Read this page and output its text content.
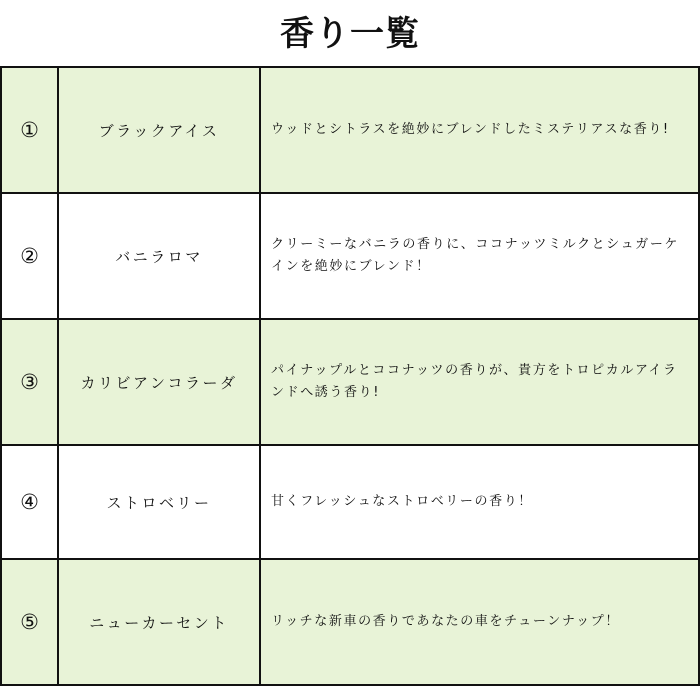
香り一覧
①	ブラックアイス	ウッドとシトラスを絶妙にブレンドしたミステリアスな香り!
②	バニラロマ	クリーミーなバニラの香りに、ココナッツミルクとシュガーケインを絶妙にブレンド！
③	カリビアンコラーダ	パイナップルとココナッツの香りが、貴方をトロピカルアイランドへ誘う香り!
④	ストロベリー	甘くフレッシュなストロベリーの香り！
⑤	ニューカーセント	リッチな新車の香りであなたの車をチューンナップ！
